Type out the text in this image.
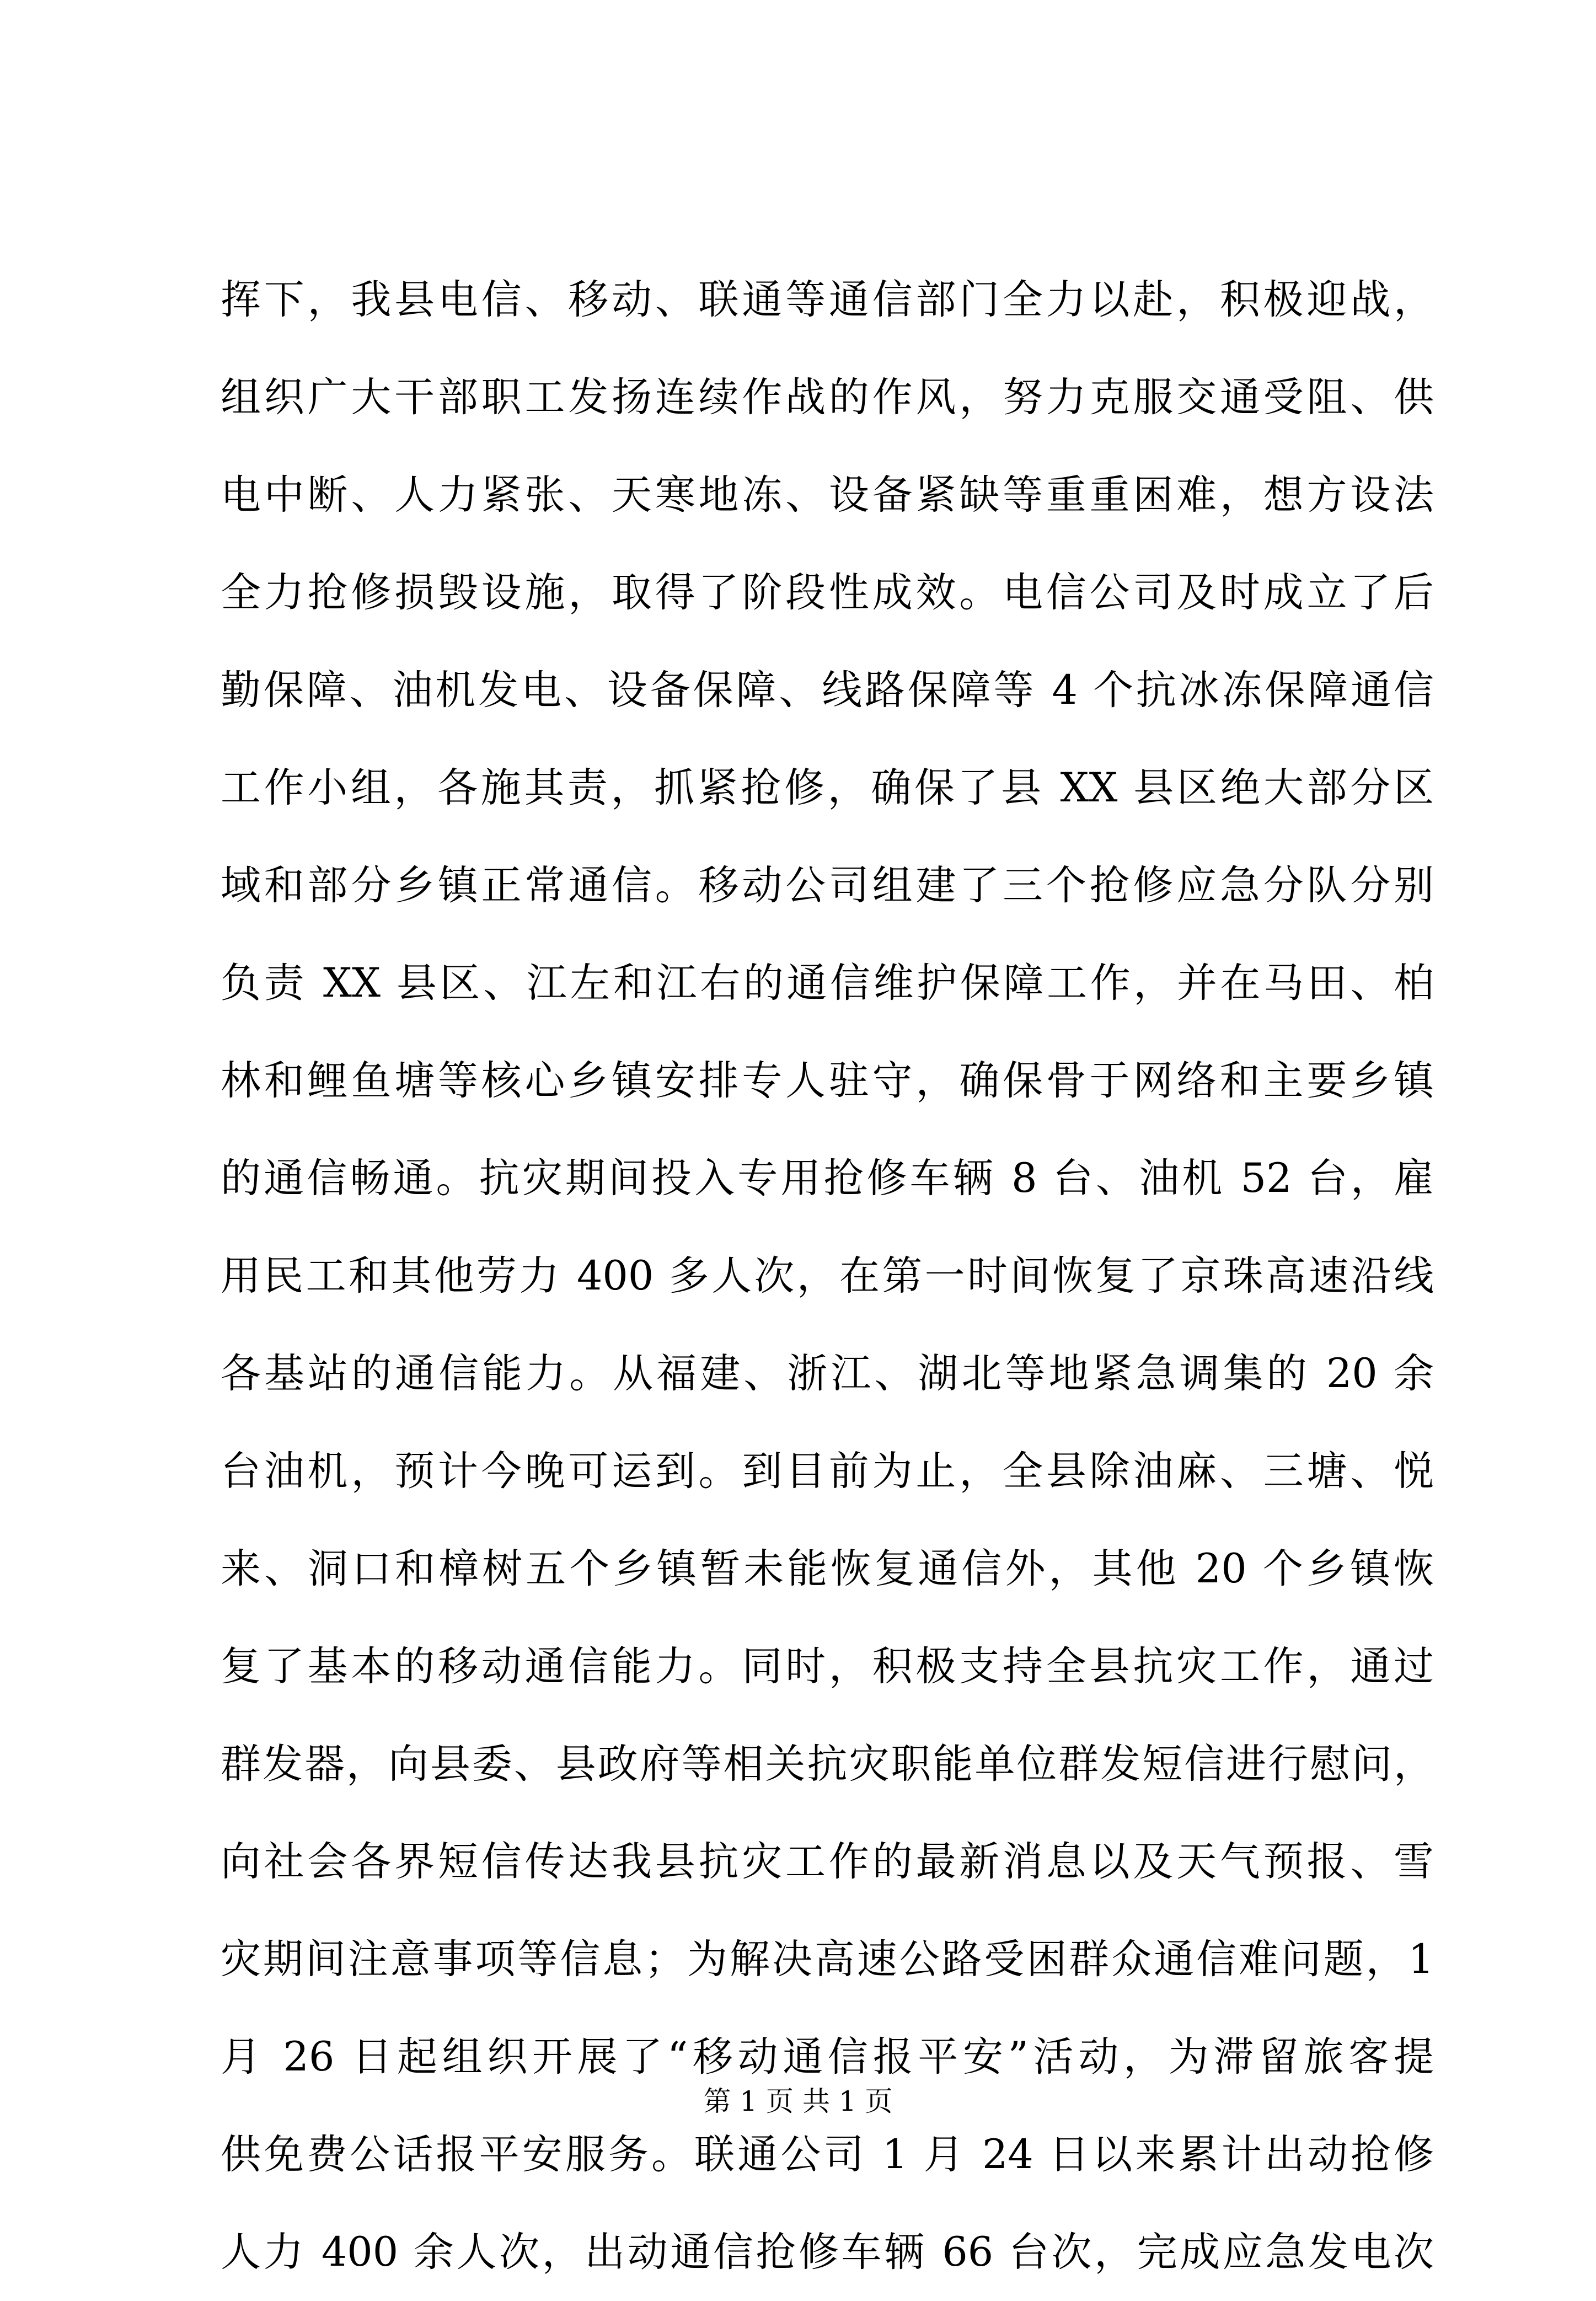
挥下，我县电信、移动、联通等通信部门全力以赴，积极迎战，
组织广大干部职工发扬连续作战的作风，努力克服交通受阻、供
电中断、人力紧张、天寒地冻、设备紧缺等重重困难，想方设法
全力抢修损毁设施，取得了阶段性成效。电信公司及时成立了后
勤保障、油机发电、设备保障、线路保障等 4 个抗冰冻保障通信
工作小组，各施其责，抓紧抢修，确保了县 XX 县区绝大部分区
域和部分乡镇正常通信。移动公司组建了三个抢修应急分队分别
负责 XX 县区、江左和江右的通信维护保障工作，并在马田、柏
林和鲤鱼塘等核心乡镇安排专人驻守，确保骨于网络和主要乡镇
的通信畅通。抗灾期间投入专用抢修车辆 8 台、油机 52 台，雇
用民工和其他劳力 400 多人次，在第一时间恢复了京珠高速沿线
各基站的通信能力。从福建、浙江、湖北等地紧急调集的 20 余
台油机，预计今晚可运到。到目前为止，全县除油麻、三塘、悦
来、洞口和樟树五个乡镇暂未能恢复通信外，其他 20 个乡镇恢
复了基本的移动通信能力。同时，积极支持全县抗灾工作，通过
群发器，向县委、县政府等相关抗灾职能单位群发短信进行慰问，
向社会各界短信传达我县抗灾工作的最新消息以及天气预报、雪
灾期间注意事项等信息；为解决高速公路受困群众通信难问题，1
月 26 日起组织开展了“移动通信报平安”活动，为滞留旅客提
供免费公话报平安服务。联通公司 1 月 24 日以来累计出动抢修
人力 400 余人次，出动通信抢修车辆 66 台次，完成应急发电次
第 1 页 共 1 页
